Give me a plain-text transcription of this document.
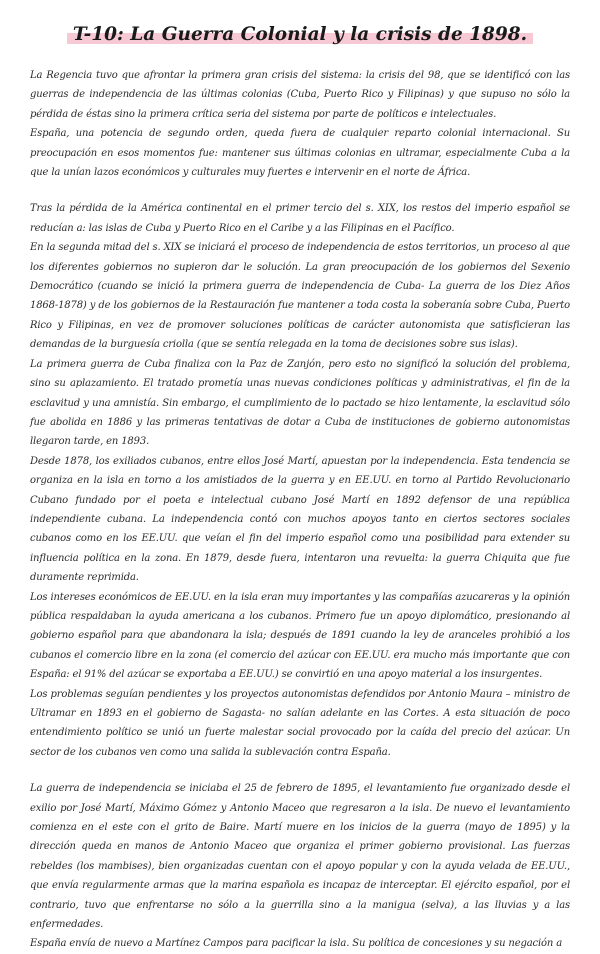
T-10: La Guerra Colonial y la crisis de 1898.

La Regencia tuvo que afrontar la primera gran crisis del sistema: la crisis del 98, que se identificó con las guerras de independencia de las últimas colonias (Cuba, Puerto Rico y Filipinas) y que supuso no sólo la pérdida de éstas sino la primera crítica seria del sistema por parte de políticos e intelectuales.

España, una potencia de segundo orden, queda fuera de cualquier reparto colonial internacional. Su preocupación en esos momentos fue: mantener sus últimas colonias en ultramar, especialmente Cuba a la que la unían lazos económicos y culturales muy fuertes e intervenir en el norte de África.

Tras la pérdida de la América continental en el primer tercio del s. XIX, los restos del imperio español se reducían a: las islas de Cuba y Puerto Rico en el Caribe y a las Filipinas en el Pacífico.

En la segunda mitad del s. XIX se iniciará el proceso de independencia de estos territorios, un proceso al que los diferentes gobiernos no supieron dar le solución. La gran preocupación de los gobiernos del Sexenio Democrático (cuando se inició la primera guerra de independencia de Cuba- La guerra de los Diez Años 1868-1878) y de los gobiernos de la Restauración fue mantener a toda costa la soberanía sobre Cuba, Puerto Rico y Filipinas, en vez de promover soluciones políticas de carácter autonomista que satisficieran las demandas de la burguesía criolla (que se sentía relegada en la toma de decisiones sobre sus islas).

La primera guerra de Cuba finaliza con la Paz de Zanjón, pero esto no significó la solución del problema, sino su aplazamiento. El tratado prometía unas nuevas condiciones políticas y administrativas, el fin de la esclavitud y una amnistía. Sin embargo, el cumplimiento de lo pactado se hizo lentamente, la esclavitud sólo fue abolida en 1886 y las primeras tentativas de dotar a Cuba de instituciones de gobierno autonomistas llegaron tarde, en 1893.

Desde 1878, los exiliados cubanos, entre ellos José Martí, apuestan por la independencia. Esta tendencia se organiza en la isla en torno a los amistiados de la guerra y en EE.UU. en torno al Partido Revolucionario Cubano fundado por el poeta e intelectual cubano José Martí en 1892 defensor de una república independiente cubana. La independencia contó con muchos apoyos tanto en ciertos sectores sociales cubanos como en los EE.UU. que veían el fin del imperio español como una posibilidad para extender su influencia política en la zona. En 1879, desde fuera, intentaron una revuelta: la guerra Chiquita que fue duramente reprimida.

Los intereses económicos de EE.UU. en la isla eran muy importantes y las compañías azucareras y la opinión pública respaldaban la ayuda americana a los cubanos. Primero fue un apoyo diplomático, presionando al gobierno español para que abandonara la isla; después de 1891 cuando la ley de aranceles prohibió a los cubanos el comercio libre en la zona (el comercio del azúcar con EE.UU. era mucho más importante que con España: el 91% del azúcar se exportaba a EE.UU.) se convirtió en una apoyo material a los insurgentes.

Los problemas seguían pendientes y los proyectos autonomistas defendidos por Antonio Maura – ministro de Ultramar en 1893 en el gobierno de Sagasta- no salían adelante en las Cortes. A esta situación de poco entendimiento político se unió un fuerte malestar social provocado por la caída del precio del azúcar. Un sector de los cubanos ven como una salida la sublevación contra España.

La guerra de independencia se iniciaba el 25 de febrero de 1895, el levantamiento fue organizado desde el exilio por José Martí, Máximo Gómez y Antonio Maceo que regresaron a la isla. De nuevo el levantamiento comienza en el este con el grito de Baire. Martí muere en los inicios de la guerra (mayo de 1895) y la dirección queda en manos de Antonio Maceo que organiza el primer gobierno provisional. Las fuerzas rebeldes (los mambises), bien organizadas cuentan con el apoyo popular y con la ayuda velada de EE.UU., que envía regularmente armas que la marina española es incapaz de interceptar. El ejército español, por el contrario, tuvo que enfrentarse no sólo a la guerrilla sino a la manigua (selva), a las lluvias y a las enfermedades.

España envía de nuevo a Martínez Campos para pacificar la isla. Su política de concesiones y su negación a
